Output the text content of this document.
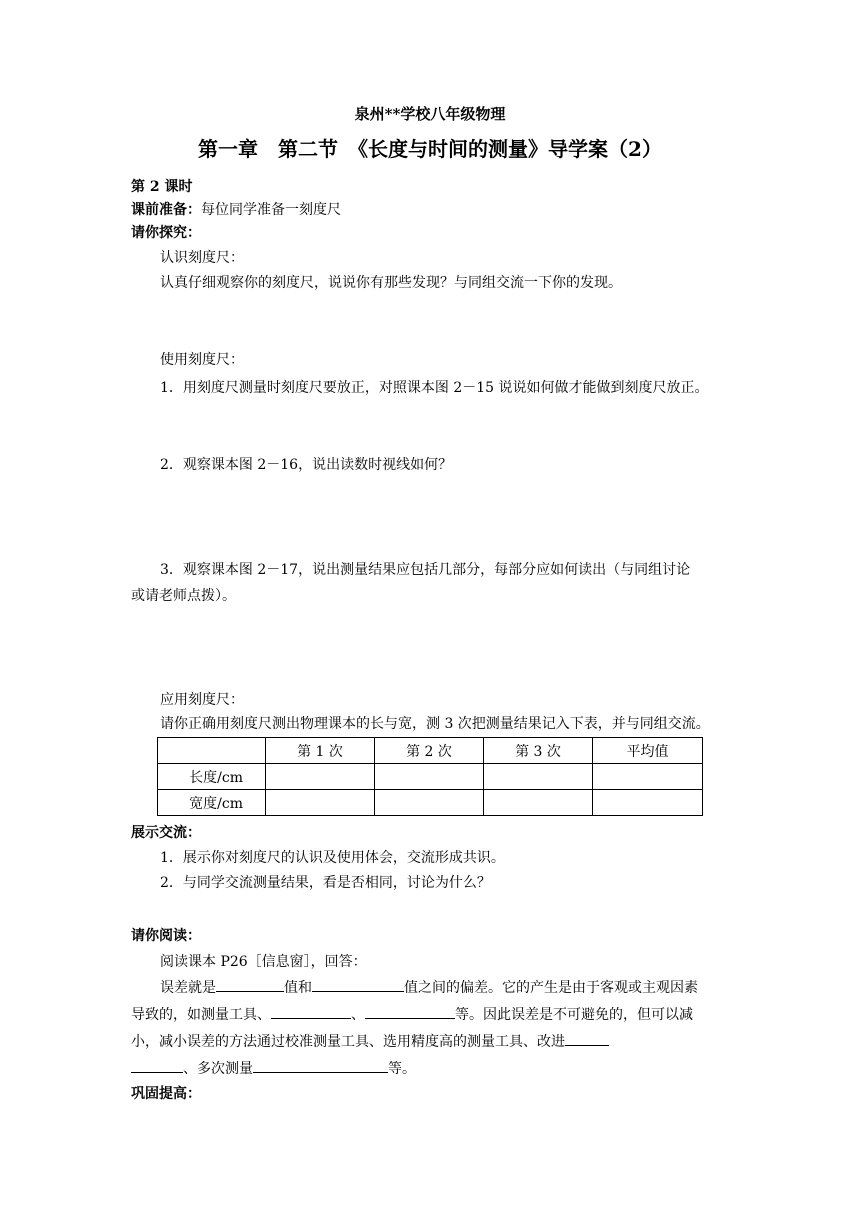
泉州**学校八年级物理
第一章　第二节　《长度与时间的测量》导学案（2）
第 2 课时
课前准备：每位同学准备一刻度尺
请你探究：
认识刻度尺：
认真仔细观察你的刻度尺，说说你有那些发现？与同组交流一下你的发现。
使用刻度尺：
1．用刻度尺测量时刻度尺要放正，对照课本图 2－15 说说如何做才能做到刻度尺放正。
2．观察课本图 2－16，说出读数时视线如何？
3．观察课本图 2－17，说出测量结果应包括几部分，每部分应如何读出（与同组讨论
或请老师点拨）。
应用刻度尺：
请你正确用刻度尺测出物理课本的长与宽，测 3 次把测量结果记入下表，并与同组交流。
	第 1 次	第 2 次	第 3 次	平均值
长度/cm				
宽度/cm				
展示交流：
1．展示你对刻度尺的认识及使用体会，交流形成共识。
2．与同学交流测量结果，看是否相同，讨论为什么？
请你阅读：
阅读课本 P26［信息窗］，回答：
误差就是	值和	值之间的偏差。它的产生是由于客观或主观因素
导致的，如测量工具、	、	等。因此误差是不可避免的，但可以减
小，减小误差的方法通过校准测量工具、选用精度高的测量工具、改进
、多次测量	等。
巩固提高：
